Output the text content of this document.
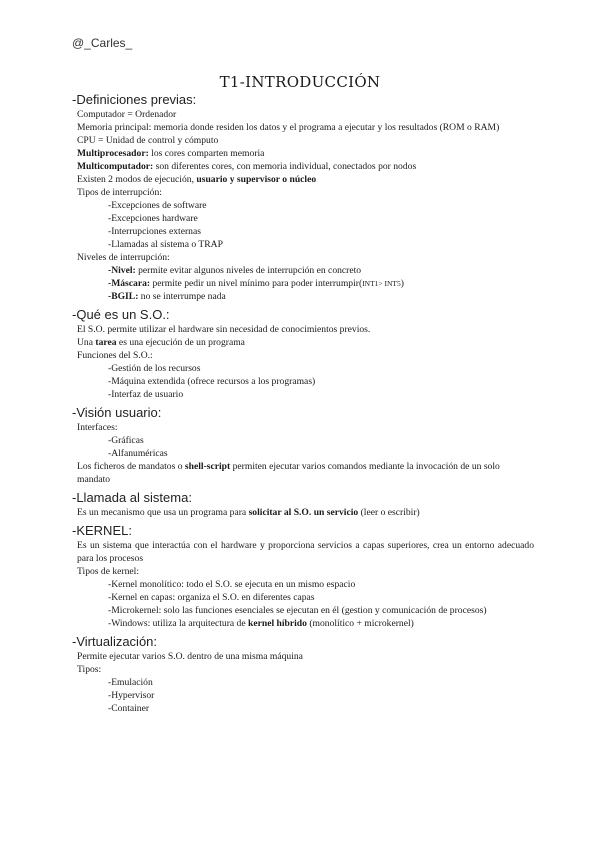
@_Carles_
T1-INTRODUCCIÓN
-Definiciones previas:
Computador = Ordenador
Memoria principal: memoria donde residen los datos y el programa a ejecutar y los resultados (ROM o RAM)
CPU = Unidad de control y cómputo
Multiprocesador: los cores comparten memoria
Multicomputador: son diferentes cores, con memoria individual, conectados por nodos
Existen 2 modos de ejecución, usuario y supervisor o núcleo
Tipos de interrupción:
-Excepciones de software
-Excepciones hardware
-Interrupciones externas
-Llamadas al sistema o TRAP
Niveles de interrupción:
-Nivel: permite evitar algunos niveles de interrupción en concreto
-Máscara: permite pedir un nivel mínimo para poder interrumpir(INT1> INT5)
-BGIL: no se interrumpe nada
-Qué es un S.O.:
El S.O. permite utilizar el hardware sin necesidad de conocimientos previos.
Una tarea es una ejecución de un programa
Funciones del S.O.:
-Gestión de los recursos
-Máquina extendida (ofrece recursos a los programas)
-Interfaz de usuario
-Visión usuario:
Interfaces:
-Gráficas
-Alfanuméricas
Los ficheros de mandatos o shell-script permiten ejecutar varios comandos mediante la invocación de un solo mandato
-Llamada al sistema:
Es un mecanismo que usa un programa para solicitar al S.O. un servicio (leer o escribir)
-KERNEL:
Es un sistema que interactúa con el hardware y proporciona servicios a capas superiores, crea un entorno adecuado para los procesos
Tipos de kernel:
-Kernel monolítico: todo el S.O. se ejecuta en un mismo espacio
-Kernel en capas: organiza el S.O. en diferentes capas
-Microkernel: solo las funciones esenciales se ejecutan en él (gestion y comunicación de procesos)
-Windows: utiliza la arquitectura de kernel híbrido (monolítico + microkernel)
-Virtualización:
Permite ejecutar varios S.O. dentro de una misma máquina
Tipos:
-Emulación
-Hypervisor
-Container
